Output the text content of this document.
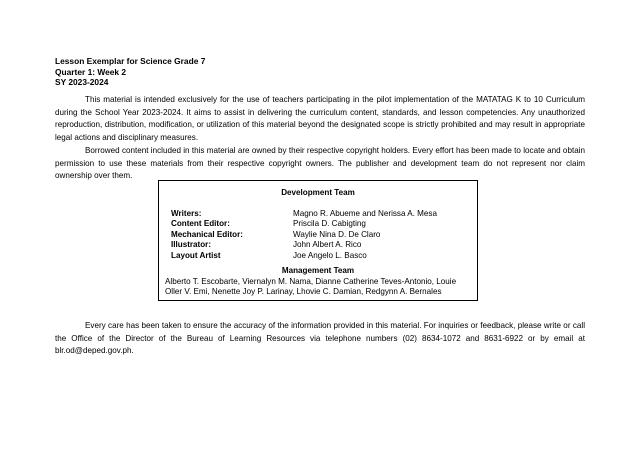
Lesson Exemplar for Science Grade 7
Quarter 1: Week 2
SY 2023-2024
This material is intended exclusively for the use of teachers participating in the pilot implementation of the MATATAG K to 10 Curriculum during the School Year 2023-2024. It aims to assist in delivering the curriculum content, standards, and lesson competencies. Any unauthorized reproduction, distribution, modification, or utilization of this material beyond the designated scope is strictly prohibited and may result in appropriate legal actions and disciplinary measures.
Borrowed content included in this material are owned by their respective copyright holders. Every effort has been made to locate and obtain permission to use these materials from their respective copyright owners. The publisher and development team do not represent nor claim ownership over them.
Development Team
Writers:	Magno R. Abueme and Nerissa A. Mesa
Content Editor:	Priscila D. Cabigting
Mechanical Editor:	Waylie Nina D. De Claro
Illustrator:	John Albert A. Rico
Layout Artist	Joe Angelo L. Basco
Management Team
Alberto T. Escobarte, Viernalyn M. Nama, Dianne Catherine Teves-Antonio, Louie
Oller V. Emi, Nenette Joy P. Larinay, Lhovie C. Damian, Redgynn A. Bernales
Every care has been taken to ensure the accuracy of the information provided in this material. For inquiries or feedback, please write or call the Office of the Director of the Bureau of Learning Resources via telephone numbers (02) 8634-1072 and 8631-6922 or by email at blr.od@deped.gov.ph.
